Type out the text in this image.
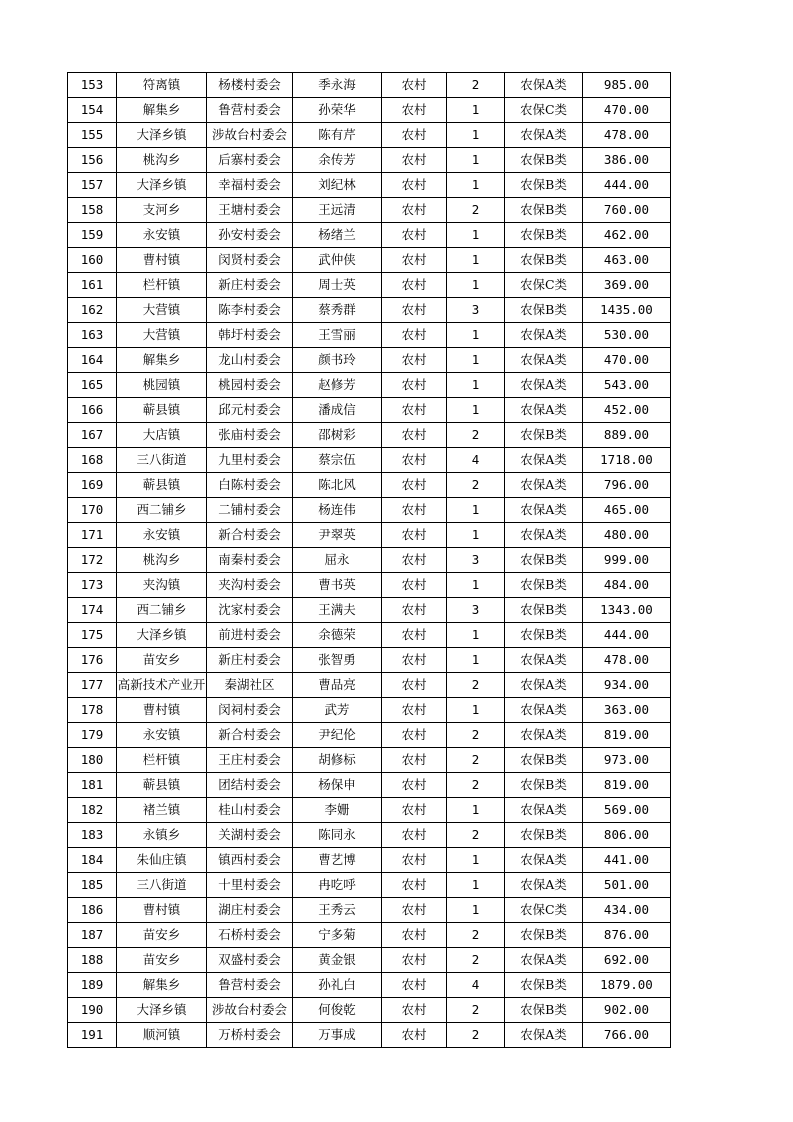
153	符离镇	杨楼村委会	季永海	农村	2	农保A类	985.00
154	解集乡	鲁营村委会	孙荣华	农村	1	农保C类	470.00
155	大泽乡镇	涉故台村委会	陈有芹	农村	1	农保A类	478.00
156	桃沟乡	后寨村委会	余传芳	农村	1	农保B类	386.00
157	大泽乡镇	幸福村委会	刘纪林	农村	1	农保B类	444.00
158	支河乡	王塘村委会	王远清	农村	2	农保B类	760.00
159	永安镇	孙安村委会	杨绪兰	农村	1	农保B类	462.00
160	曹村镇	闵贤村委会	武仲侠	农村	1	农保B类	463.00
161	栏杆镇	新庄村委会	周士英	农村	1	农保C类	369.00
162	大营镇	陈李村委会	蔡秀群	农村	3	农保B类	1435.00
163	大营镇	韩圩村委会	王雪丽	农村	1	农保A类	530.00
164	解集乡	龙山村委会	颜书玲	农村	1	农保A类	470.00
165	桃园镇	桃园村委会	赵修芳	农村	1	农保A类	543.00
166	蕲县镇	邱元村委会	潘成信	农村	1	农保A类	452.00
167	大店镇	张庙村委会	邵树彩	农村	2	农保B类	889.00
168	三八街道	九里村委会	蔡宗伍	农村	4	农保A类	1718.00
169	蕲县镇	白陈村委会	陈北风	农村	2	农保A类	796.00
170	西二铺乡	二铺村委会	杨连伟	农村	1	农保A类	465.00
171	永安镇	新合村委会	尹翠英	农村	1	农保A类	480.00
172	桃沟乡	南秦村委会	屈永	农村	3	农保B类	999.00
173	夹沟镇	夹沟村委会	曹书英	农村	1	农保B类	484.00
174	西二铺乡	沈家村委会	王满夫	农村	3	农保B类	1343.00
175	大泽乡镇	前进村委会	余德荣	农村	1	农保B类	444.00
176	苗安乡	新庄村委会	张智勇	农村	1	农保A类	478.00
177	高新技术产业开	秦湖社区	曹品亮	农村	2	农保A类	934.00
178	曹村镇	闵祠村委会	武芳	农村	1	农保A类	363.00
179	永安镇	新合村委会	尹纪伦	农村	2	农保A类	819.00
180	栏杆镇	王庄村委会	胡修标	农村	2	农保B类	973.00
181	蕲县镇	团结村委会	杨保申	农村	2	农保B类	819.00
182	褚兰镇	桂山村委会	李姗	农村	1	农保A类	569.00
183	永镇乡	关湖村委会	陈同永	农村	2	农保B类	806.00
184	朱仙庄镇	镇西村委会	曹艺博	农村	1	农保A类	441.00
185	三八街道	十里村委会	冉吃呼	农村	1	农保A类	501.00
186	曹村镇	湖庄村委会	王秀云	农村	1	农保C类	434.00
187	苗安乡	石桥村委会	宁多菊	农村	2	农保B类	876.00
188	苗安乡	双盛村委会	黄金银	农村	2	农保A类	692.00
189	解集乡	鲁营村委会	孙礼白	农村	4	农保B类	1879.00
190	大泽乡镇	涉故台村委会	何俊乾	农村	2	农保B类	902.00
191	顺河镇	万桥村委会	万事成	农村	2	农保A类	766.00
